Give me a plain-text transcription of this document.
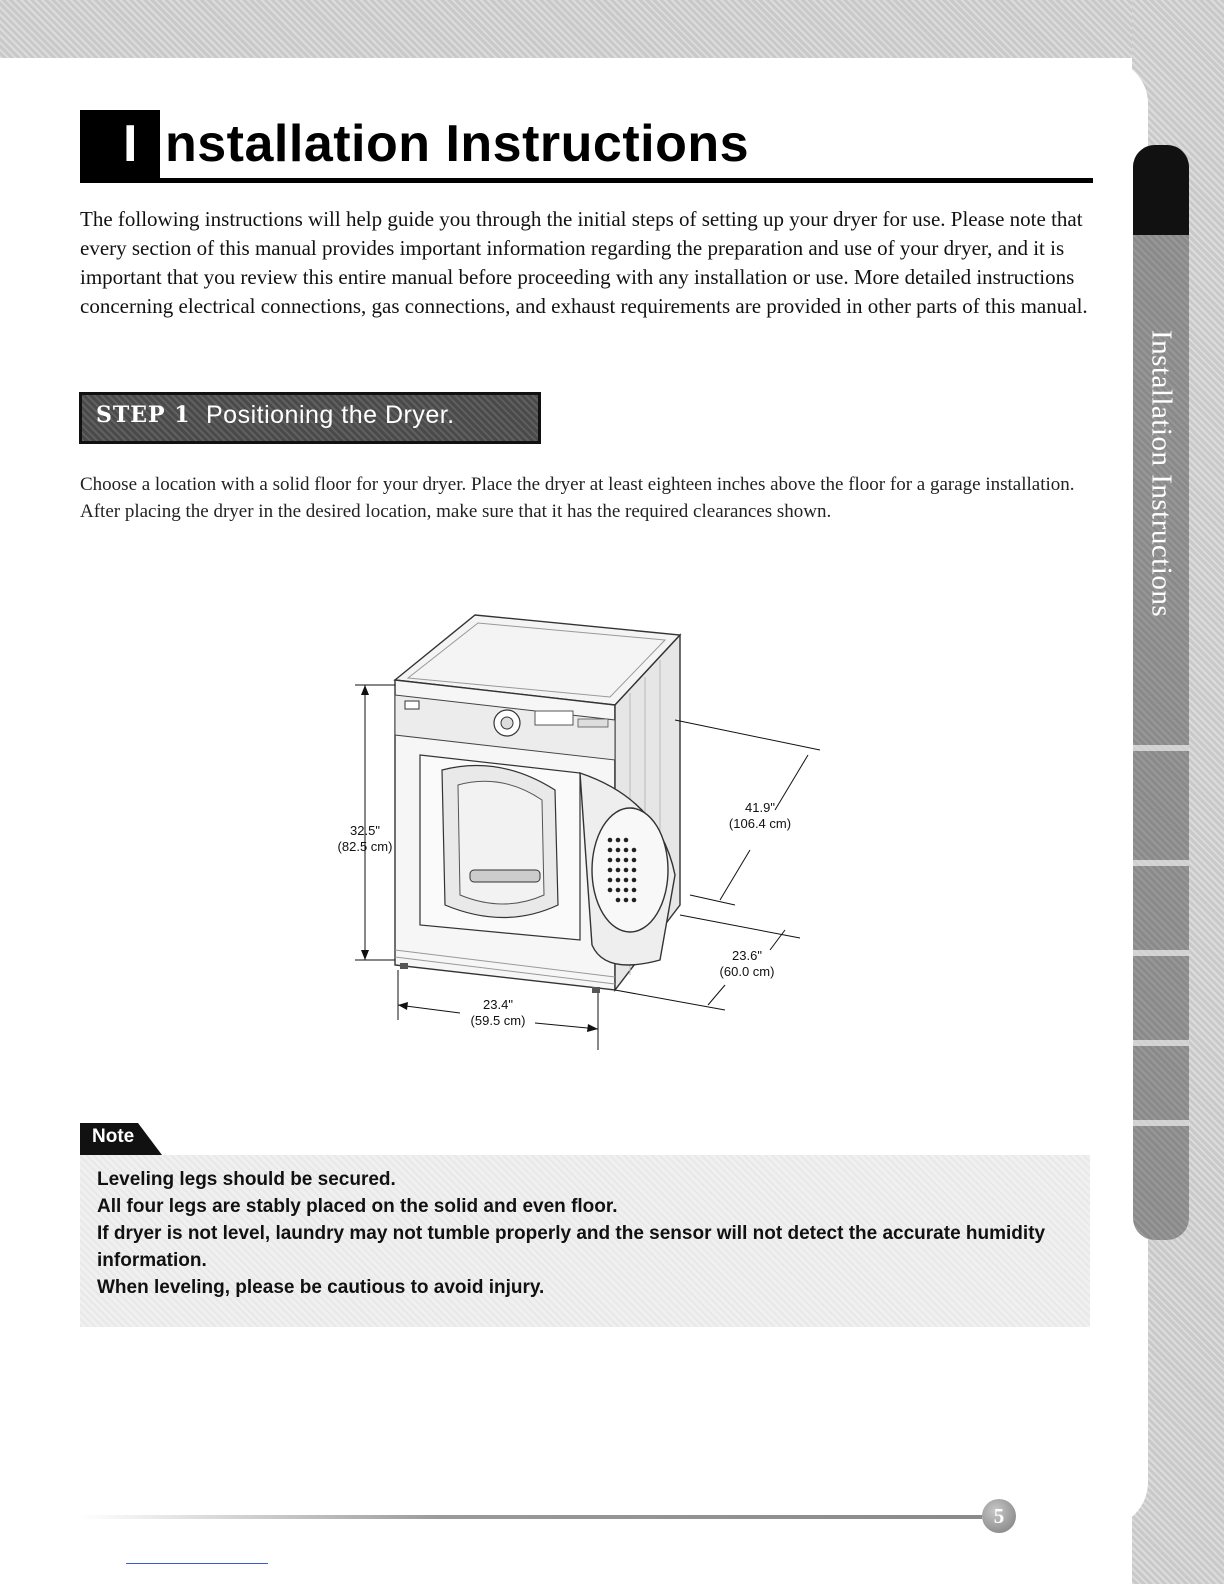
I nstallation Instructions

The following instructions will help guide you through the initial steps of setting up your dryer for use. Please note that every section of this manual provides important information regarding the preparation and use of your dryer, and it is important that you review this entire manual before proceeding with any installation or use. More detailed instructions concerning electrical connections, gas connections, and exhaust requirements are provided in other parts of this manual.

STEP 1 Positioning the Dryer.

Choose a location with a solid floor for your dryer. Place the dryer at least eighteen inches above the floor for a garage installation. After placing the dryer in the desired location, make sure that it has the required clearances shown.

32.5"
(82.5 cm)
41.9"
(106.4 cm)
23.6"
(60.0 cm)
23.4"
(59.5 cm)
Note
Leveling legs should be secured.
All four legs are stably placed on the solid and even floor.
If dryer is not level, laundry may not tumble properly and the sensor will not detect the accurate humidity information.
When leveling, please be cautious to avoid injury.
Installation Instructions
5
